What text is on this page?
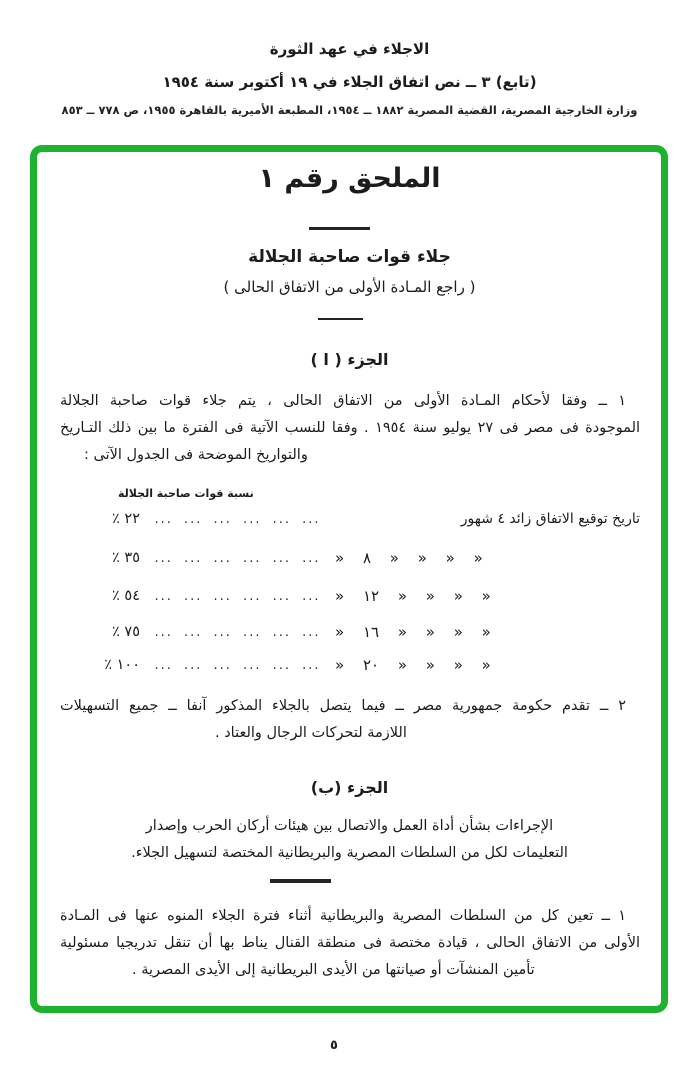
الاجلاء في عهد الثورة
(تابع) ٣ ــ نص اتفاق الجلاء في ١٩ أكتوبر سنة ١٩٥٤
وزارة الخارجية المصرية، القضية المصرية ١٨٨٢ ــ ١٩٥٤، المطبعة الأميرية بالقاهرة ١٩٥٥، ص ٧٧٨ ــ ٨٥٣
الملحق رقم ١
جلاء قوات صاحبة الجلالة
( راجع المـادة الأولى من الاتفاق الحالى )
الجزء ( ا )
١ ــ وفقا لأحكام المـادة الأولى من الاتفاق الحالى ، يتم جلاء قوات صاحبة الجلالة
الموجودة فى مصر فى ٢٧ يوليو سنة ١٩٥٤ . وفقا للنسب الآتية فى الفترة ما بين ذلك التـاريخ
والتواريخ الموضحة فى الجدول الآتى :
نسبة قوات صاحبة الجلالة
تاريخ توقيع الاتفاق زائد ٤ شهور
... ... ... ... ... ...
٢٢ ٪
« « « « ٨ «
... ... ... ... ... ...
٣٥ ٪
« « « « ١٢ «
... ... ... ... ... ...
٥٤ ٪
« « « « ١٦ «
... ... ... ... ... ...
٧٥ ٪
« « « « ٢٠ «
... ... ... ... ... ...
١٠٠ ٪
٢ ــ تقدم حكومة جمهورية مصر ــ فيما يتصل بالجلاء المذكور آنفا ــ جميع التسهيلات
اللازمة لتحركات الرجال والعتاد .
الجزء (ب)
الإجراءات بشأن أداة العمل والاتصال بين هيئات أركان الحرب وإصدار
التعليمات لكل من السلطات المصرية والبريطانية المختصة لتسهيل الجلاء.
١ ــ تعين كل من السلطات المصرية والبريطانية أثناء فترة الجلاء المنوه عنها فى المـادة
الأولى من الاتفاق الحالى ، قيادة مختصة فى منطقة القنال يناط بها أن تنقل تدريجيا مسئولية
تأمين المنشآت أو صيانتها من الأيدى البريطانية إلى الأيدى المصرية .
٥
